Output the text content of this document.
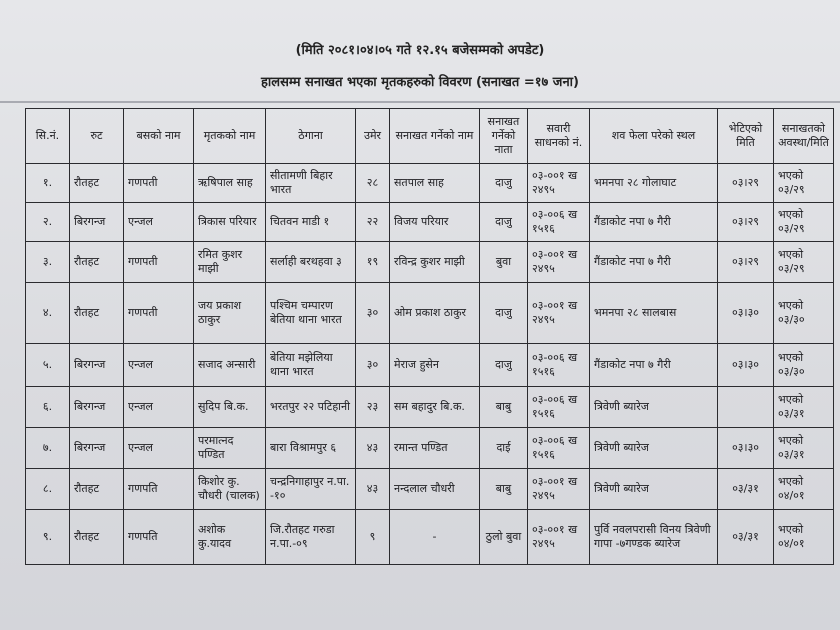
(मिति २०८१।०४।०५ गते १२.१५ बजेसम्मको अपडेट)
हालसम्म सनाखत भएका मृतकहरुको विवरण (सनाखत =१७ जना)
सि.नं.	रुट	बसको नाम	मृतकको नाम	ठेगाना	उमेर	सनाखत गर्नेको नाम	सनाखत गर्नेको नाता	सवारी साधनको नं.	शव फेला परेको स्थल	भेटिएको मिति	सनाखतको अवस्था/मिति
१.	रौतहट	गणपती	ऋषिपाल साह	सीतामणी बिहार भारत	२८	सतपाल साह	दाजु	०३-००१ ख २४९५	भमनपा २८ गोलाघाट	०३।२९	भएको ०३/२९
२.	बिरगन्ज	एन्जल	त्रिकास परियार	चितवन माडी १	२२	विजय परियार	दाजु	०३-००६ ख १५१६	गैंडाकोट नपा ७ गैरी	०३।२९	भएको ०३/२९
३.	रौतहट	गणपती	रमित कुशर माझी	सर्लाही बरथहवा ३	१९	रविन्द्र कुशर माझी	बुवा	०३-००१ ख २४९५	गैंडाकोट नपा ७ गैरी	०३।२९	भएको ०३/२९
४.	रौतहट	गणपती	जय प्रकाश ठाकुर	पश्चिम चम्पारण बेतिया थाना भारत	३०	ओम प्रकाश ठाकुर	दाजु	०३-००१ ख २४९५	भमनपा २८ सालबास	०३।३०	भएको ०३/३०
५.	बिरगन्ज	एन्जल	सजाद अन्सारी	बेतिया मझेलिया थाना भारत	३०	मेराज हुसेन	दाजु	०३-००६ ख १५१६	गैंडाकोट नपा ७ गैरी	०३।३०	भएको ०३/३०
६.	बिरगन्ज	एन्जल	सुदिप बि.क.	भरतपुर २२ पटिहानी	२३	सम बहादुर बि.क.	बाबु	०३-००६ ख १५१६	त्रिवेणी ब्यारेज		भएको ०३/३१
७.	बिरगन्ज	एन्जल	परमात्नद पण्डित	बारा विश्रामपुर ६	४३	रमान्त पण्डित	दाई	०३-००६ ख १५१६	त्रिवेणी ब्यारेज	०३।३०	भएको ०३/३१
८.	रौतहट	गणपति	किशोर कु. चौधरी (चालक)	चन्द्रनिगाहापुर न.पा. -१०	४३	नन्दलाल चौधरी	बाबु	०३-००१ ख २४९५	त्रिवेणी ब्यारेज	०३/३१	भएको ०४/०१
९.	रौतहट	गणपति	अशोक कु.यादव	जि.रौतहट गरुडा न.पा.-०९	९	-	ठुलो बुवा	०३-००१ ख २४९५	पुर्वि नवलपरासी विनय त्रिवेणी गापा -७गण्डक ब्यारेज	०३/३१	भएको ०४/०१
